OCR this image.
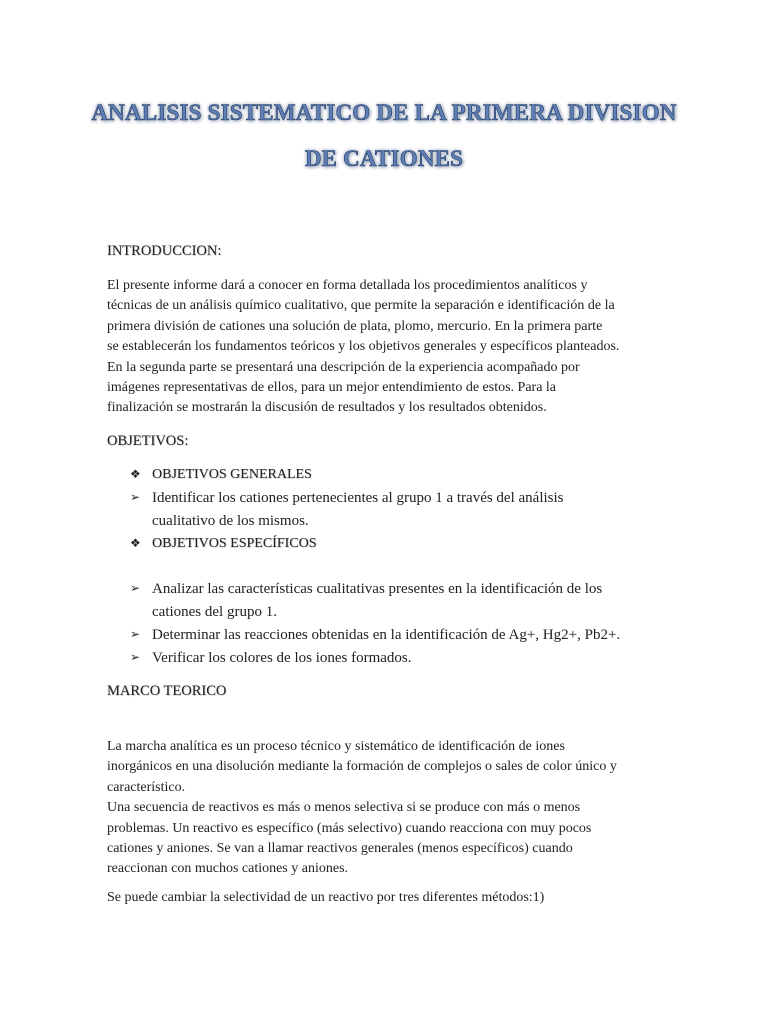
ANALISIS SISTEMATICO DE LA PRIMERA DIVISION
DE CATIONES
INTRODUCCION:
El presente informe dará a conocer en forma detallada los procedimientos analíticos y
técnicas de un análisis químico cualitativo, que permite la separación e identificación de la
primera división de cationes una solución de plata, plomo, mercurio. En la primera parte
se establecerán los fundamentos teóricos y los objetivos generales y específicos planteados.
En la segunda parte se presentará una descripción de la experiencia acompañado por
imágenes representativas de ellos, para un mejor entendimiento de estos. Para la
finalización se mostrarán la discusión de resultados y los resultados obtenidos.
OBJETIVOS:
❖ OBJETIVOS GENERALES
➢ Identificar los cationes pertenecientes al grupo 1 a través del análisis
cualitativo de los mismos.
❖ OBJETIVOS ESPECÍFICOS
➢ Analizar las características cualitativas presentes en la identificación de los
cationes del grupo 1.
➢ Determinar las reacciones obtenidas en la identificación de Ag+, Hg2+, Pb2+.
➢ Verificar los colores de los iones formados.
MARCO TEORICO
La marcha analítica es un proceso técnico y sistemático de identificación de iones
inorgánicos en una disolución mediante la formación de complejos o sales de color único y
característico.
Una secuencia de reactivos es más o menos selectiva si se produce con más o menos
problemas. Un reactivo es específico (más selectivo) cuando reacciona con muy pocos
cationes y aniones. Se van a llamar reactivos generales (menos específicos) cuando
reaccionan con muchos cationes y aniones.
Se puede cambiar la selectividad de un reactivo por tres diferentes métodos:1)
